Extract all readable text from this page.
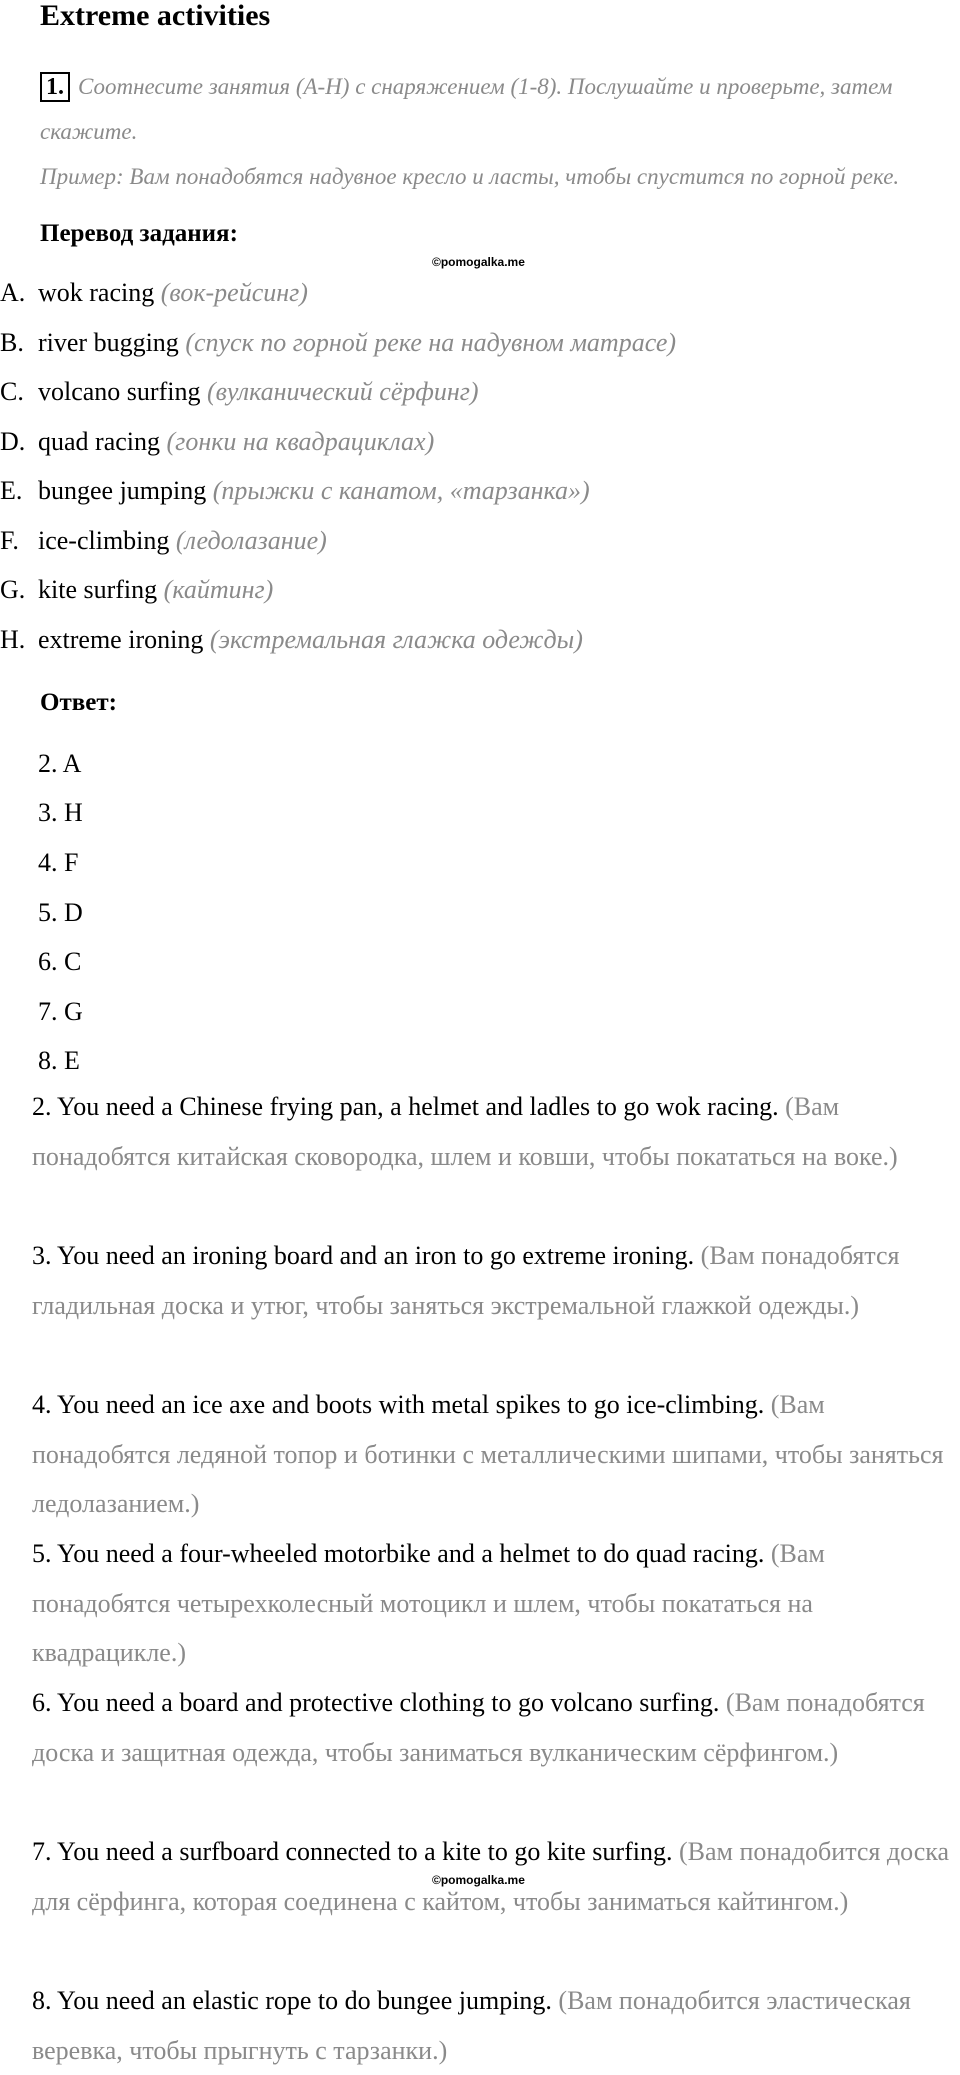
Extreme activities
1. Соотнесите занятия (A-H) с снаряжением (1-8). Послушайте и проверьте, затем
скажите.
Пример: Вам понадобятся надувное кресло и ласты, чтобы спустится по горной реке.
Перевод задания:
©pomogalka.me
A. wok racing (вок-рейсинг)
B. river bugging (спуск по горной реке на надувном матрасе)
C. volcano surfing (вулканический сёрфинг)
D. quad racing (гонки на квадрациклах)
E. bungee jumping (прыжки с канатом, «тарзанка»)
F. ice-climbing (ледолазание)
G. kite surfing (кайтинг)
H. extreme ironing (экстремальная глажка одежды)
Ответ:
2. A
3. H
4. F
5. D
6. C
7. G
8. E
2. You need a Chinese frying pan, a helmet and ladles to go wok racing. (Вам понадобятся китайская сковородка, шлем и ковши, чтобы покататься на воке.)
3. You need an ironing board and an iron to go extreme ironing. (Вам понадобятся гладильная доска и утюг, чтобы заняться экстремальной глажкой одежды.)
4. You need an ice axe and boots with metal spikes to go ice-climbing. (Вам понадобятся ледяной топор и ботинки с металлическими шипами, чтобы заняться ледолазанием.)
5. You need a four-wheeled motorbike and a helmet to do quad racing. (Вам понадобятся четырехколесный мотоцикл и шлем, чтобы покататься на квадрацикле.)
6. You need a board and protective clothing to go volcano surfing. (Вам понадобятся доска и защитная одежда, чтобы заниматься вулканическим сёрфингом.)
7. You need a surfboard connected to a kite to go kite surfing. (Вам понадобится доска для сёрфинга, которая соединена с кайтом, чтобы заниматься кайтингом.)
8. You need an elastic rope to do bungee jumping. (Вам понадобится эластическая веревка, чтобы прыгнуть с тарзанки.)
©pomogalka.me
